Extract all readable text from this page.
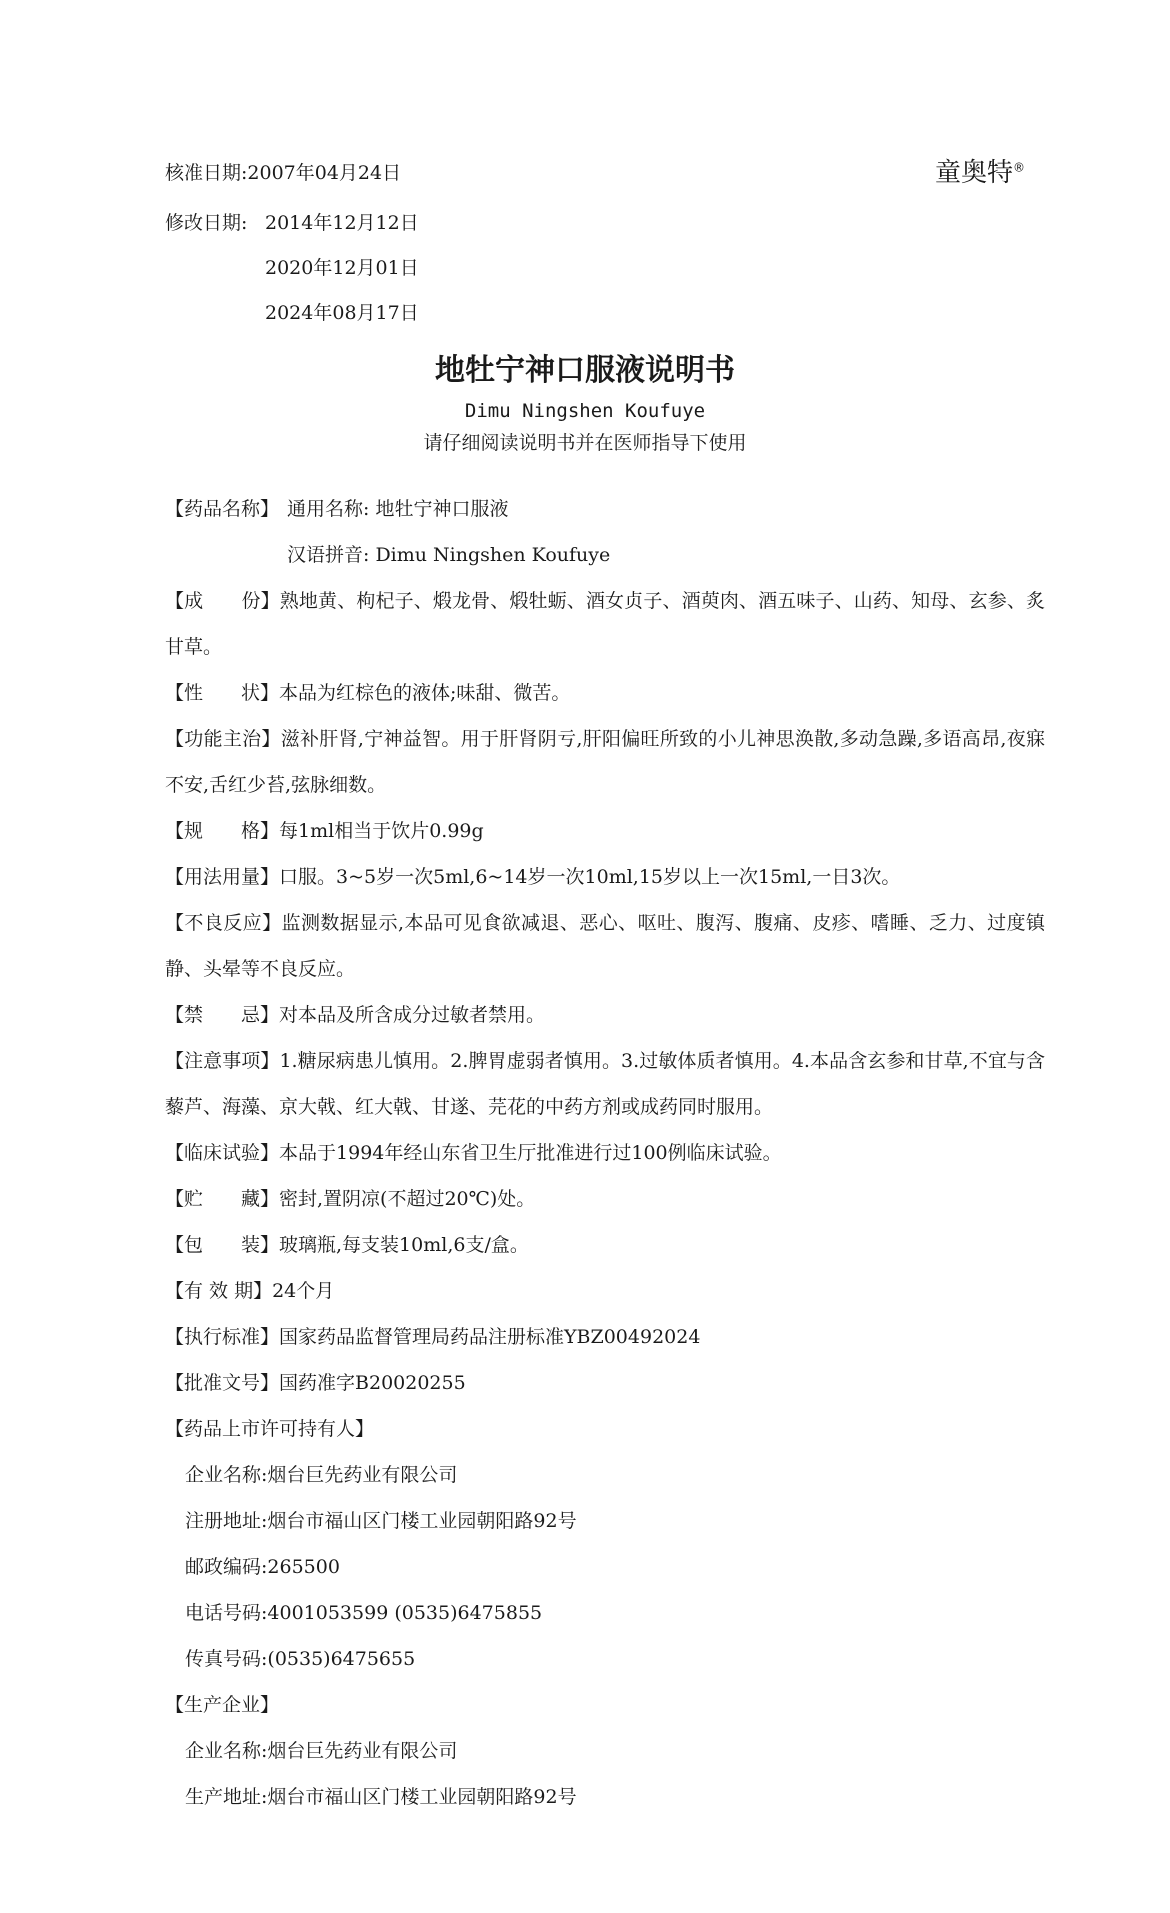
核准日期:2007年04月24日	童奥特®
修改日期: 2014年12月12日
2020年12月01日
2024年08月17日
地牡宁神口服液说明书
Dimu Ningshen Koufuye
请仔细阅读说明书并在医师指导下使用
【药品名称】 通用名称: 地牡宁神口服液
汉语拼音: Dimu Ningshen Koufuye
【成　　份】熟地黄、枸杞子、煅龙骨、煅牡蛎、酒女贞子、酒萸肉、酒五味子、山药、知母、玄参、炙甘草。
【性　　状】本品为红棕色的液体;味甜、微苦。
【功能主治】滋补肝肾,宁神益智。用于肝肾阴亏,肝阳偏旺所致的小儿神思涣散,多动急躁,多语高昂,夜寐不安,舌红少苔,弦脉细数。
【规　　格】每1ml相当于饮片0.99g
【用法用量】口服。3~5岁一次5ml,6~14岁一次10ml,15岁以上一次15ml,一日3次。
【不良反应】监测数据显示,本品可见食欲减退、恶心、呕吐、腹泻、腹痛、皮疹、嗜睡、乏力、过度镇静、头晕等不良反应。
【禁　　忌】对本品及所含成分过敏者禁用。
【注意事项】1.糖尿病患儿慎用。2.脾胃虚弱者慎用。3.过敏体质者慎用。4.本品含玄参和甘草,不宜与含藜芦、海藻、京大戟、红大戟、甘遂、芫花的中药方剂或成药同时服用。
【临床试验】本品于1994年经山东省卫生厅批准进行过100例临床试验。
【贮　　藏】密封,置阴凉(不超过20℃)处。
【包　　装】玻璃瓶,每支装10ml,6支/盒。
【有 效 期】24个月
【执行标准】国家药品监督管理局药品注册标准YBZ00492024
【批准文号】国药准字B20020255
【药品上市许可持有人】
企业名称:烟台巨先药业有限公司
注册地址:烟台市福山区门楼工业园朝阳路92号
邮政编码:265500
电话号码:4001053599 (0535)6475855
传真号码:(0535)6475655
【生产企业】
企业名称:烟台巨先药业有限公司
生产地址:烟台市福山区门楼工业园朝阳路92号
